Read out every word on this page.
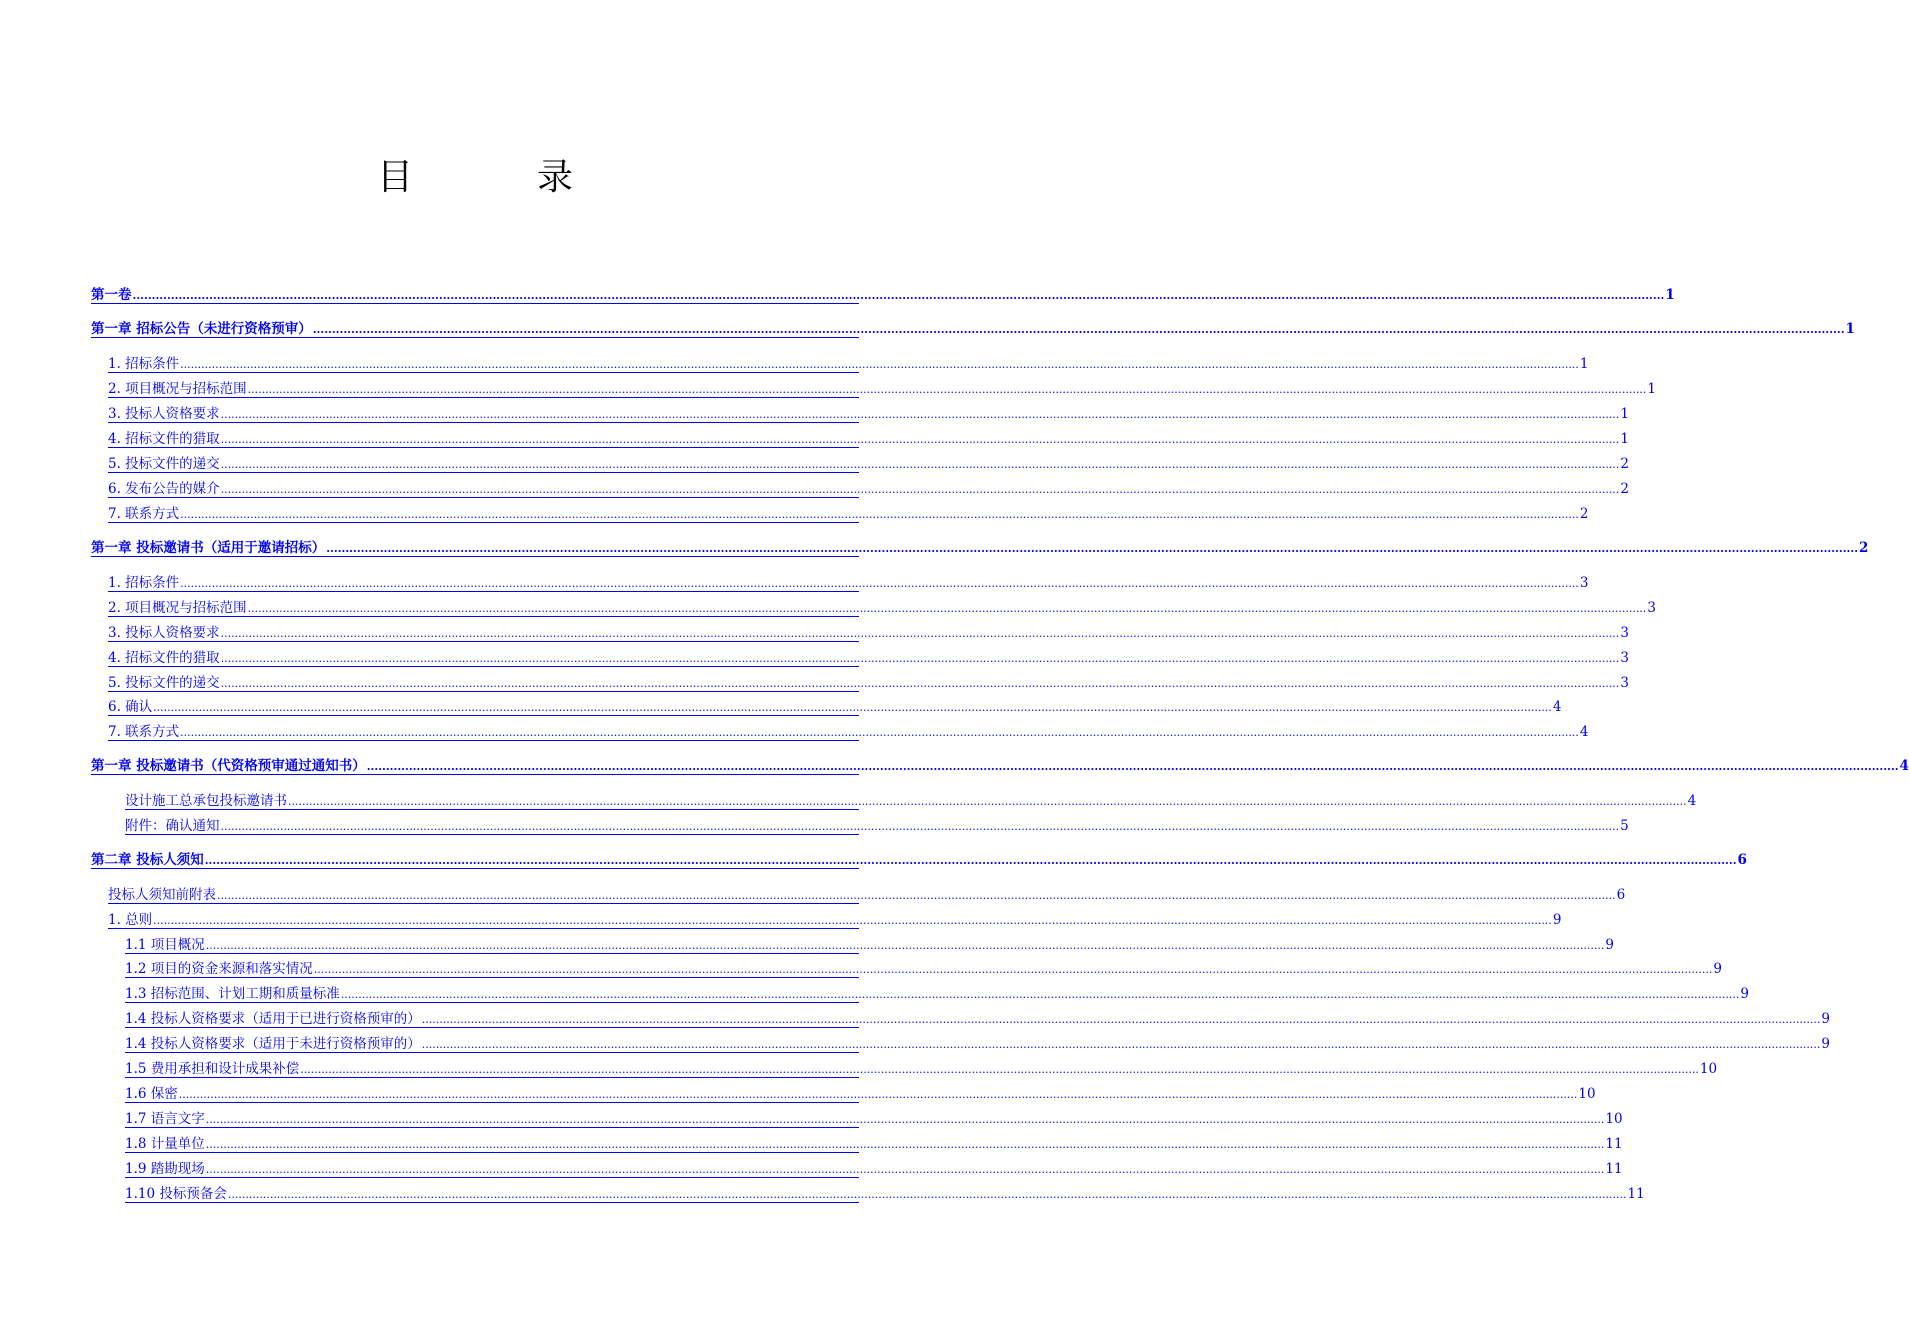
目　录
第一卷 ................................................................................................................................................................................................................................................................................................................................................................................................................ 1
第一章 招标公告（未进行资格预审） ................................................................................................................................................................................................................................................................................................................................................................................................................ 1
1. 招标条件 ................................................................................................................................................................................................................................................................................................................................................................................................................ 1
2. 项目概况与招标范围 ................................................................................................................................................................................................................................................................................................................................................................................................................ 1
3. 投标人资格要求 ................................................................................................................................................................................................................................................................................................................................................................................................................ 1
4. 招标文件的猎取 ................................................................................................................................................................................................................................................................................................................................................................................................................ 1
5. 投标文件的递交 ................................................................................................................................................................................................................................................................................................................................................................................................................ 2
6. 发布公告的媒介 ................................................................................................................................................................................................................................................................................................................................................................................................................ 2
7. 联系方式 ................................................................................................................................................................................................................................................................................................................................................................................................................ 2
第一章 投标邀请书（适用于邀请招标） ................................................................................................................................................................................................................................................................................................................................................................................................................ 2
1. 招标条件 ................................................................................................................................................................................................................................................................................................................................................................................................................ 3
2. 项目概况与招标范围 ................................................................................................................................................................................................................................................................................................................................................................................................................ 3
3. 投标人资格要求 ................................................................................................................................................................................................................................................................................................................................................................................................................ 3
4. 招标文件的猎取 ................................................................................................................................................................................................................................................................................................................................................................................................................ 3
5. 投标文件的递交 ................................................................................................................................................................................................................................................................................................................................................................................................................ 3
6. 确认 ................................................................................................................................................................................................................................................................................................................................................................................................................ 4
7. 联系方式 ................................................................................................................................................................................................................................................................................................................................................................................................................ 4
第一章 投标邀请书（代资格预审通过通知书） ................................................................................................................................................................................................................................................................................................................................................................................................................ 4
设计施工总承包投标邀请书 ................................................................................................................................................................................................................................................................................................................................................................................................................ 4
附件：确认通知 ................................................................................................................................................................................................................................................................................................................................................................................................................ 5
第二章 投标人须知 ................................................................................................................................................................................................................................................................................................................................................................................................................ 6
投标人须知前附表 ................................................................................................................................................................................................................................................................................................................................................................................................................ 6
1. 总则 ................................................................................................................................................................................................................................................................................................................................................................................................................ 9
1.1 项目概况 ................................................................................................................................................................................................................................................................................................................................................................................................................ 9
1.2 项目的资金来源和落实情况 ................................................................................................................................................................................................................................................................................................................................................................................................................ 9
1.3 招标范围、计划工期和质量标准 ................................................................................................................................................................................................................................................................................................................................................................................................................ 9
1.4 投标人资格要求（适用于已进行资格预审的） ................................................................................................................................................................................................................................................................................................................................................................................................................ 9
1.4 投标人资格要求（适用于未进行资格预审的） ................................................................................................................................................................................................................................................................................................................................................................................................................ 9
1.5 费用承担和设计成果补偿 ................................................................................................................................................................................................................................................................................................................................................................................................................ 10
1.6 保密 ................................................................................................................................................................................................................................................................................................................................................................................................................ 10
1.7 语言文字 ................................................................................................................................................................................................................................................................................................................................................................................................................ 10
1.8 计量单位 ................................................................................................................................................................................................................................................................................................................................................................................................................ 11
1.9 踏勘现场 ................................................................................................................................................................................................................................................................................................................................................................................................................ 11
1.10 投标预备会 ................................................................................................................................................................................................................................................................................................................................................................................................................ 11
